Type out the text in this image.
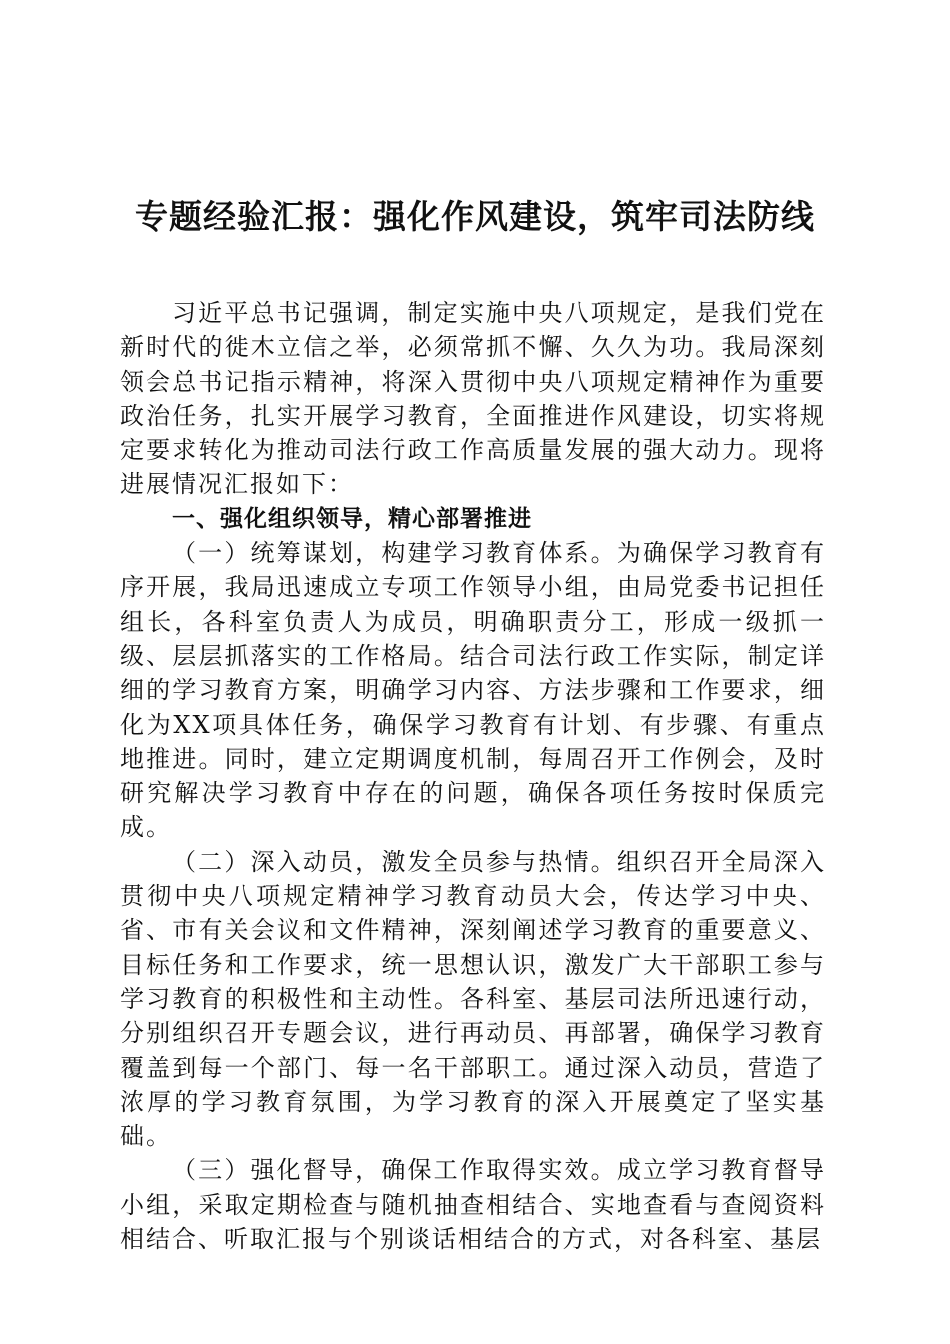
专题经验汇报：强化作风建设，筑牢司法防线

习近平总书记强调，制定实施中央八项规定，是我们党在新时代的徙木立信之举，必须常抓不懈、久久为功。我局深刻领会总书记指示精神，将深入贯彻中央八项规定精神作为重要政治任务，扎实开展学习教育，全面推进作风建设，切实将规定要求转化为推动司法行政工作高质量发展的强大动力。现将进展情况汇报如下：

一、强化组织领导，精心部署推进

（一）统筹谋划，构建学习教育体系。为确保学习教育有序开展，我局迅速成立专项工作领导小组，由局党委书记担任组长，各科室负责人为成员，明确职责分工，形成一级抓一级、层层抓落实的工作格局。结合司法行政工作实际，制定详细的学习教育方案，明确学习内容、方法步骤和工作要求，细化为XX项具体任务，确保学习教育有计划、有步骤、有重点地推进。同时，建立定期调度机制，每周召开工作例会，及时研究解决学习教育中存在的问题，确保各项任务按时保质完成。

（二）深入动员，激发全员参与热情。组织召开全局深入贯彻中央八项规定精神学习教育动员大会，传达学习中央、省、市有关会议和文件精神，深刻阐述学习教育的重要意义、目标任务和工作要求，统一思想认识，激发广大干部职工参与学习教育的积极性和主动性。各科室、基层司法所迅速行动，分别组织召开专题会议，进行再动员、再部署，确保学习教育覆盖到每一个部门、每一名干部职工。通过深入动员，营造了浓厚的学习教育氛围，为学习教育的深入开展奠定了坚实基础。

（三）强化督导，确保工作取得实效。成立学习教育督导小组，采取定期检查与随机抽查相结合、实地查看与查阅资料相结合、听取汇报与个别谈话相结合的方式，对各科室、基层
